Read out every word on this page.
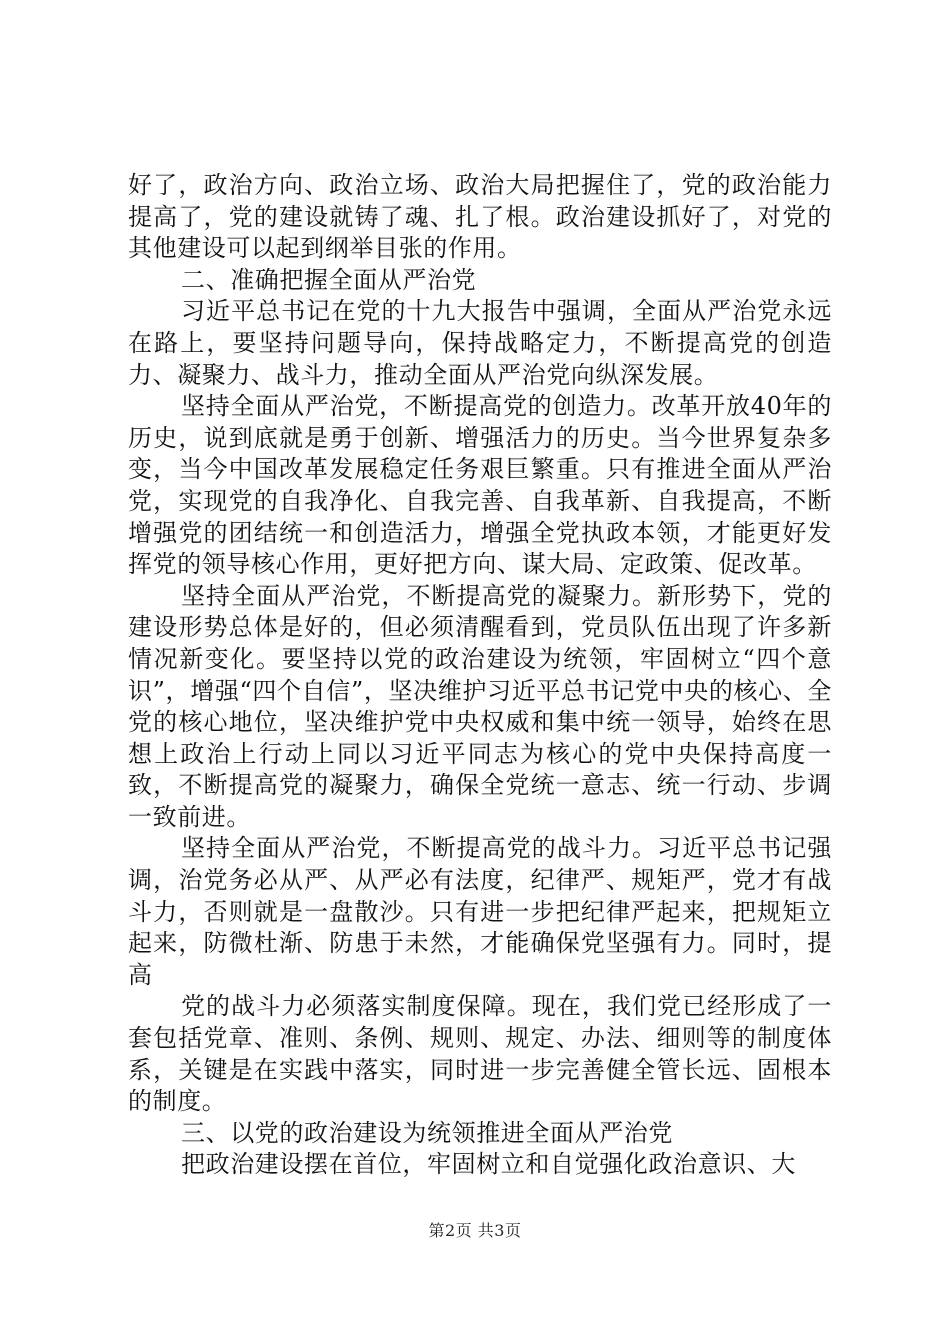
好了，政治方向、政治立场、政治大局把握住了，党的政治能力提高了，党的建设就铸了魂、扎了根。政治建设抓好了，对党的其他建设可以起到纲举目张的作用。

二、准确把握全面从严治党

习近平总书记在党的十九大报告中强调，全面从严治党永远在路上，要坚持问题导向，保持战略定力，不断提高党的创造力、凝聚力、战斗力，推动全面从严治党向纵深发展。

坚持全面从严治党，不断提高党的创造力。改革开放40年的历史，说到底就是勇于创新、增强活力的历史。当今世界复杂多变，当今中国改革发展稳定任务艰巨繁重。只有推进全面从严治党，实现党的自我净化、自我完善、自我革新、自我提高，不断增强党的团结统一和创造活力，增强全党执政本领，才能更好发挥党的领导核心作用，更好把方向、谋大局、定政策、促改革。

坚持全面从严治党，不断提高党的凝聚力。新形势下，党的建设形势总体是好的，但必须清醒看到，党员队伍出现了许多新情况新变化。要坚持以党的政治建设为统领，牢固树立“四个意识”，增强“四个自信”，坚决维护习近平总书记党中央的核心、全党的核心地位，坚决维护党中央权威和集中统一领导，始终在思想上政治上行动上同以习近平同志为核心的党中央保持高度一致，不断提高党的凝聚力，确保全党统一意志、统一行动、步调一致前进。

坚持全面从严治党，不断提高党的战斗力。习近平总书记强调，治党务必从严、从严必有法度，纪律严、规矩严，党才有战斗力，否则就是一盘散沙。只有进一步把纪律严起来，把规矩立起来，防微杜渐、防患于未然，才能确保党坚强有力。同时，提高

党的战斗力必须落实制度保障。现在，我们党已经形成了一套包括党章、准则、条例、规则、规定、办法、细则等的制度体系，关键是在实践中落实，同时进一步完善健全管长远、固根本的制度。

三、以党的政治建设为统领推进全面从严治党

把政治建设摆在首位，牢固树立和自觉强化政治意识、大

第2页 共3页
